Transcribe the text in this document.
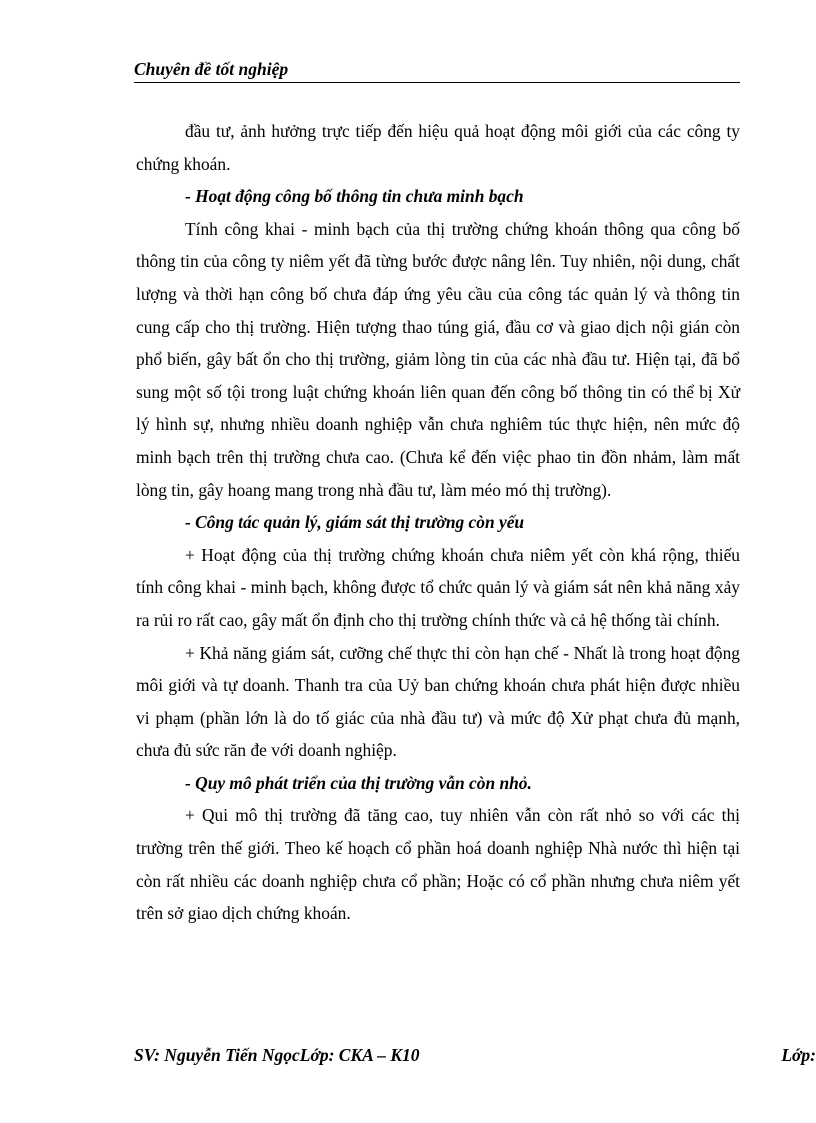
Chuyên đề tốt nghiệp

đầu tư, ảnh hưởng trực tiếp đến hiệu quả hoạt động môi giới của các công ty chứng khoán.

- Hoạt động công bố thông tin chưa minh bạch

Tính công khai - minh bạch của thị trường chứng khoán thông qua công bố thông tin của công ty niêm yết đã từng bước được nâng lên. Tuy nhiên, nội dung, chất lượng và thời hạn công bố chưa đáp ứng yêu cầu của công tác quản lý và thông tin cung cấp cho thị trường. Hiện tượng thao túng giá, đầu cơ và giao dịch nội gián còn phổ biến, gây bất ổn cho thị trường, giảm lòng tin của các nhà đầu tư. Hiện tại, đã bổ sung một số tội trong luật chứng khoán liên quan đến công bố thông tin có thể bị Xử lý hình sự, nhưng nhiều doanh nghiệp vẫn chưa nghiêm túc thực hiện, nên mức độ minh bạch trên thị trường chưa cao. (Chưa kể đến việc phao tin đồn nhảm, làm mất lòng tin, gây hoang mang trong nhà đầu tư, làm méo mó thị trường).

- Công tác quản lý, giám sát thị trường còn yếu

+ Hoạt động của thị trường chứng khoán chưa niêm yết còn khá rộng, thiếu tính công khai - minh bạch, không được tổ chức quản lý và giám sát nên khả năng xảy ra rủi ro rất cao, gây mất ổn định cho thị trường chính thức và cả hệ thống tài chính.

+ Khả năng giám sát, cưỡng chế thực thi còn hạn chế - Nhất là trong hoạt động môi giới và tự doanh. Thanh tra của Uỷ ban chứng khoán chưa phát hiện được nhiều vi phạm (phần lớn là do tố giác của nhà đầu tư) và mức độ Xử phạt chưa đủ mạnh, chưa đủ sức răn đe với doanh nghiệp.

- Quy mô phát triển của thị trường vẫn còn nhỏ.

+ Qui mô thị trường đã tăng cao, tuy nhiên vẫn còn rất nhỏ so với các thị trường trên thế giới. Theo kế hoạch cổ phần hoá doanh nghiệp Nhà nước thì hiện tại còn rất nhiều các doanh nghiệp chưa cổ phần; Hoặc có cổ phần nhưng chưa niêm yết trên sở giao dịch chứng khoán.

SV: Nguyễn Tiến NgọcLớp: CKA – K10	Lớp:
